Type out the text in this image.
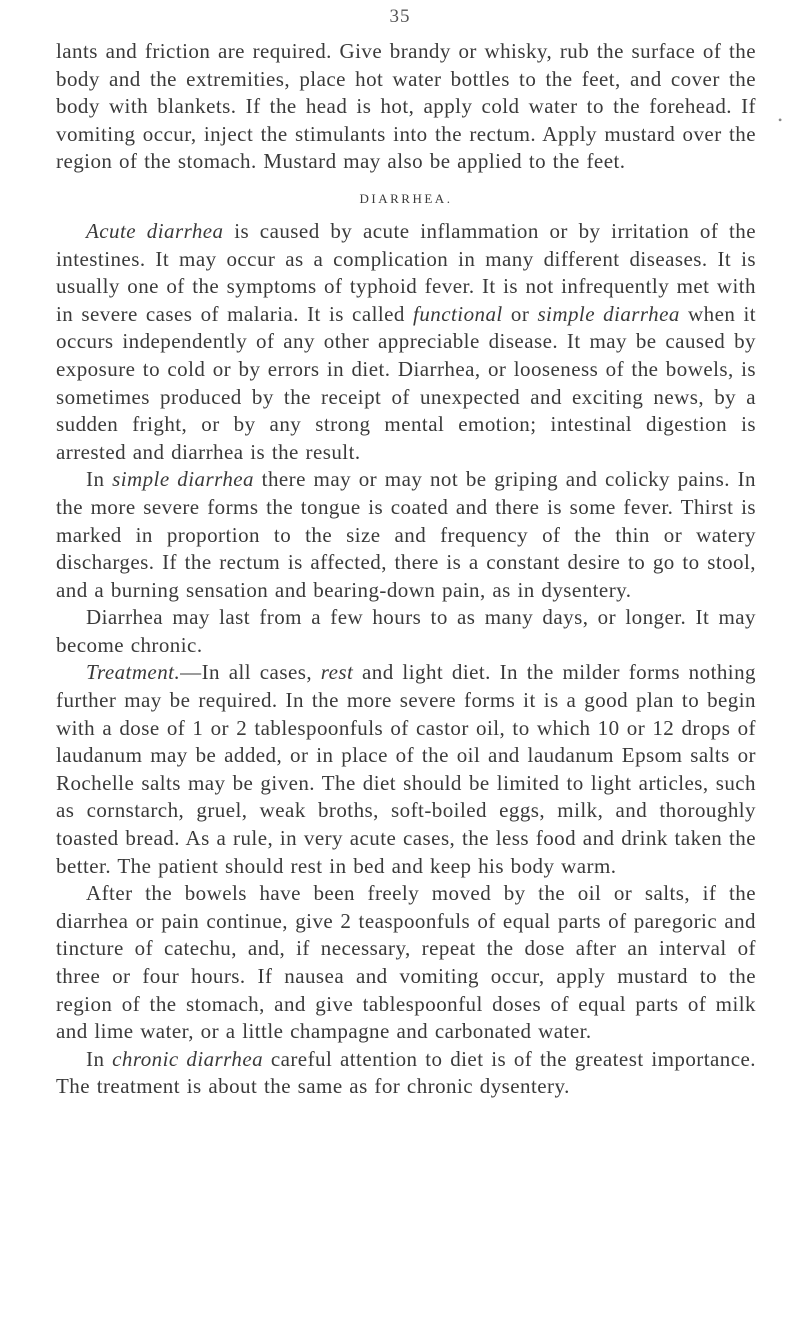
35
•

lants and friction are required. Give brandy or whisky, rub the surface of the body and the extremities, place hot water bottles to the feet, and cover the body with blankets. If the head is hot, apply cold water to the forehead. If vomiting occur, inject the stimulants into the rectum. Apply mustard over the region of the stomach. Mustard may also be applied to the feet.

DIARRHEA.

Acute diarrhea is caused by acute inflammation or by irritation of the intestines. It may occur as a complication in many different diseases. It is usually one of the symptoms of typhoid fever. It is not infrequently met with in severe cases of malaria. It is called functional or simple diarrhea when it occurs independently of any other appreciable disease. It may be caused by exposure to cold or by errors in diet. Diarrhea, or looseness of the bowels, is sometimes produced by the receipt of unexpected and exciting news, by a sudden fright, or by any strong mental emotion; intestinal digestion is arrested and diarrhea is the result.

In simple diarrhea there may or may not be griping and colicky pains. In the more severe forms the tongue is coated and there is some fever. Thirst is marked in proportion to the size and frequency of the thin or watery discharges. If the rectum is affected, there is a constant desire to go to stool, and a burning sensation and bearing-down pain, as in dysentery.

Diarrhea may last from a few hours to as many days, or longer. It may become chronic.

Treatment.—In all cases, rest and light diet. In the milder forms nothing further may be required. In the more severe forms it is a good plan to begin with a dose of 1 or 2 tablespoonfuls of castor oil, to which 10 or 12 drops of laudanum may be added, or in place of the oil and laudanum Epsom salts or Rochelle salts may be given. The diet should be limited to light articles, such as cornstarch, gruel, weak broths, soft-boiled eggs, milk, and thoroughly toasted bread. As a rule, in very acute cases, the less food and drink taken the better. The patient should rest in bed and keep his body warm.

After the bowels have been freely moved by the oil or salts, if the diarrhea or pain continue, give 2 teaspoonfuls of equal parts of paregoric and tincture of catechu, and, if necessary, repeat the dose after an interval of three or four hours. If nausea and vomiting occur, apply mustard to the region of the stomach, and give tablespoonful doses of equal parts of milk and lime water, or a little champagne and carbonated water.

In chronic diarrhea careful attention to diet is of the greatest importance. The treatment is about the same as for chronic dysentery.
